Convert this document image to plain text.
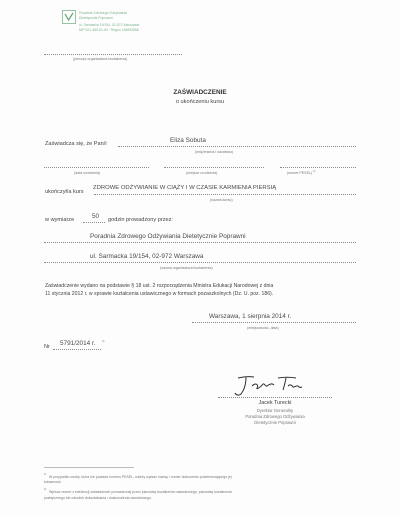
Poradnia Zdrowego Odżywiania
Dietetycznie Poprawni
ul. Sarmacka 19/154, 02-972 Warszawa
NIP 521-365-61-60 · Regon 146692866
(pieczęć organizatora kształcenia)
ZAŚWIADCZENIE
o ukończeniu kursu
Zaświadcza się, że Pan/i	Eliza Sobuta
(imię/imiona i nazwisko)
(data urodzenia)	(miejsce urodzenia)	(numer PESEL) 1)
ukończył/a kurs
ZDROWE ODŻYWIANIE W CIĄŻY I W CZASIE KARMIENIA PIERSIĄ
(nazwa kursu)
w wymiarze	50 godzin prowadzony przez:
Poradnia Zdrowego Odżywiania Dietetycznie Poprawni
ul. Sarmacka 19/154, 02-972 Warszawa
(nazwa organizatora kształcenia)
Zaświadczenie wydano na podstawie § 18 ust. 2 rozporządzenia Ministra Edukacji Narodowej z dnia
11 stycznia 2012 r. w sprawie kształcenia ustawicznego w formach pozaszkolnych (Dz. U. poz. 186).
Warszawa, 1 sierpnia 2014 r.
(miejscowość, data)
Nr 5791/2014 r. 2)
Jacek Turecki
Dyrektor Generalny
Poradnia Zdrowego Odżywiania
Dietetycznie Poprawni
1)
W przypadku osoby, która nie posiada numeru PESEL, należy wpisać nazwę i numer dokumentu potwierdzającego jej
tożsamość.
2)
Wpisać numer z ewidencji zaświadczeń prowadzonej przez placówkę kształcenia ustawicznego, placówkę kształcenia
praktycznego lub ośrodek dokształcania i doskonalenia zawodowego.
